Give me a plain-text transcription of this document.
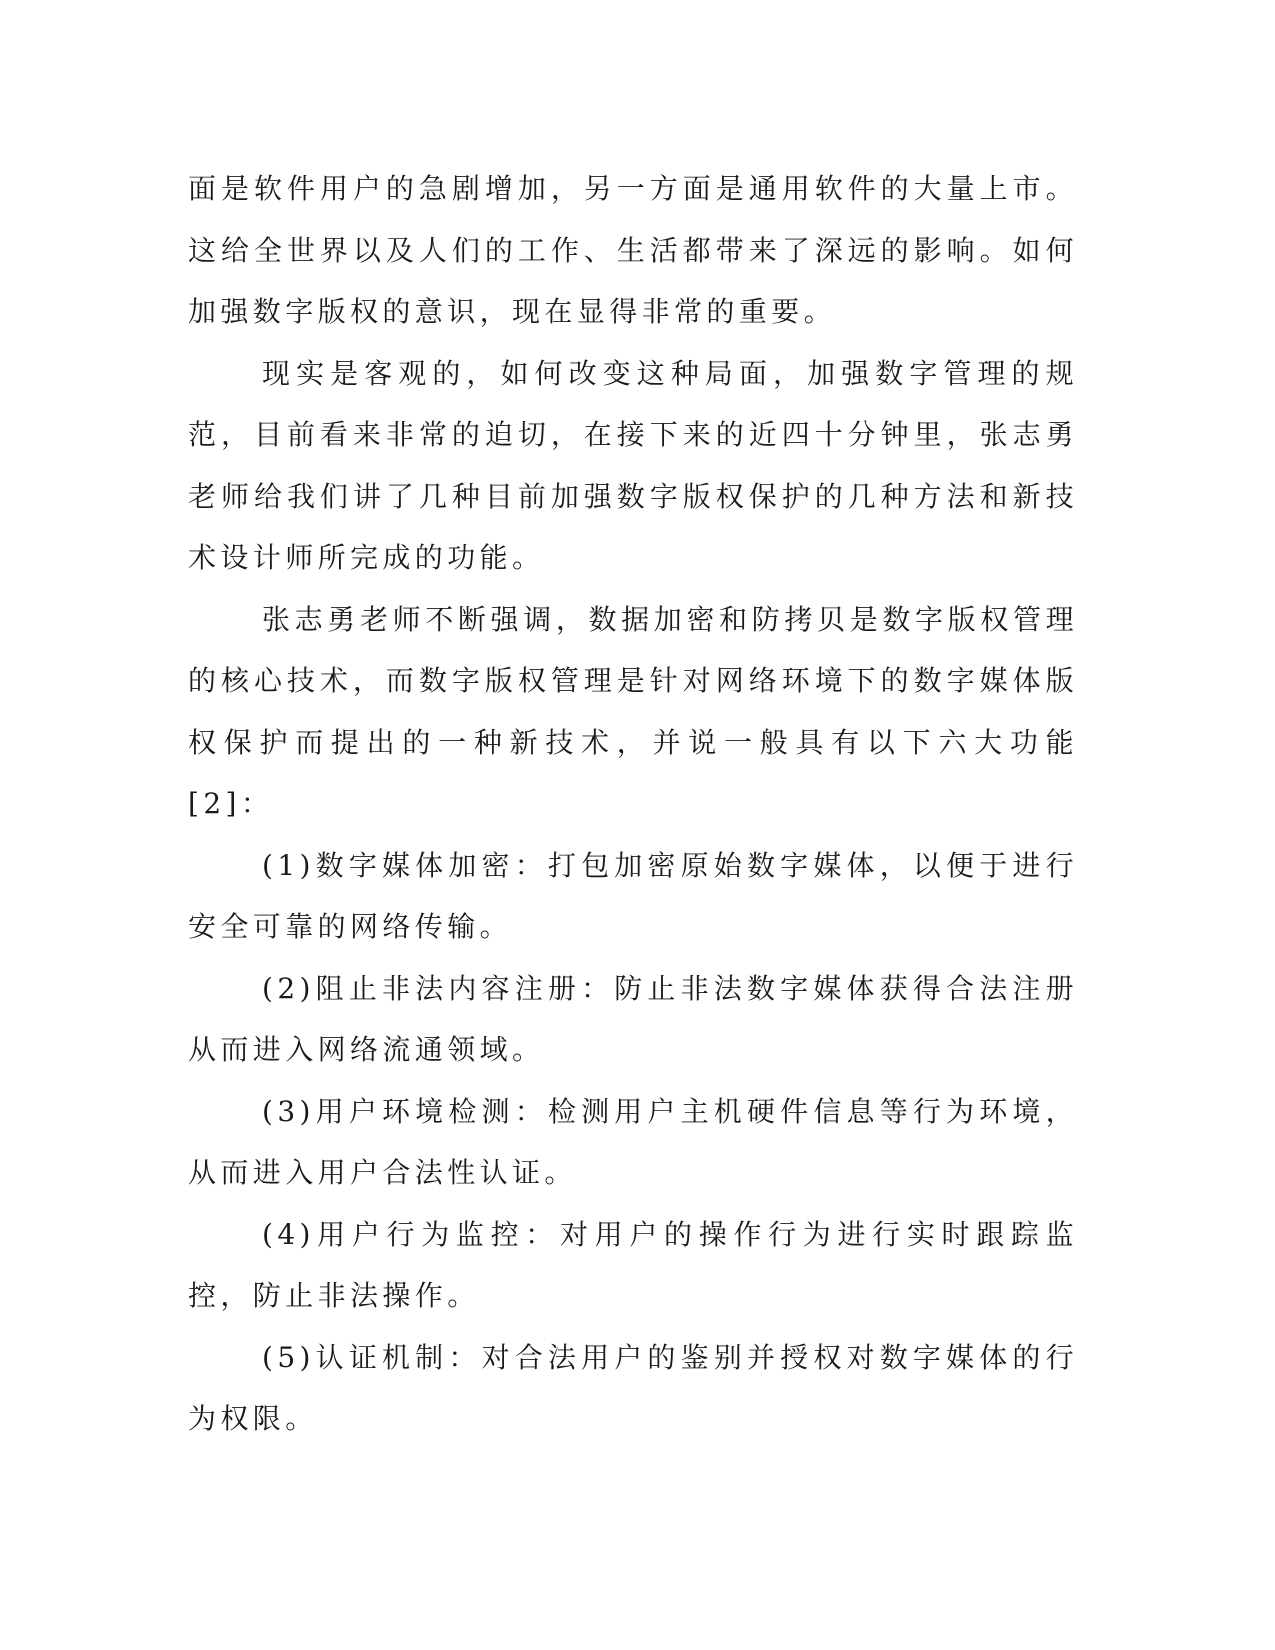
面是软件用户的急剧增加，另一方面是通用软件的大量上市。这给全世界以及人们的工作、生活都带来了深远的影响。如何加强数字版权的意识，现在显得非常的重要。

现实是客观的，如何改变这种局面，加强数字管理的规范，目前看来非常的迫切，在接下来的近四十分钟里，张志勇老师给我们讲了几种目前加强数字版权保护的几种方法和新技术设计师所完成的功能。

张志勇老师不断强调，数据加密和防拷贝是数字版权管理的核心技术，而数字版权管理是针对网络环境下的数字媒体版权保护而提出的一种新技术，并说一般具有以下六大功能[2]：

(1)数字媒体加密：打包加密原始数字媒体，以便于进行安全可靠的网络传输。

(2)阻止非法内容注册：防止非法数字媒体获得合法注册从而进入网络流通领域。

(3)用户环境检测：检测用户主机硬件信息等行为环境，从而进入用户合法性认证。

(4)用户行为监控：对用户的操作行为进行实时跟踪监控，防止非法操作。

(5)认证机制：对合法用户的鉴别并授权对数字媒体的行为权限。
